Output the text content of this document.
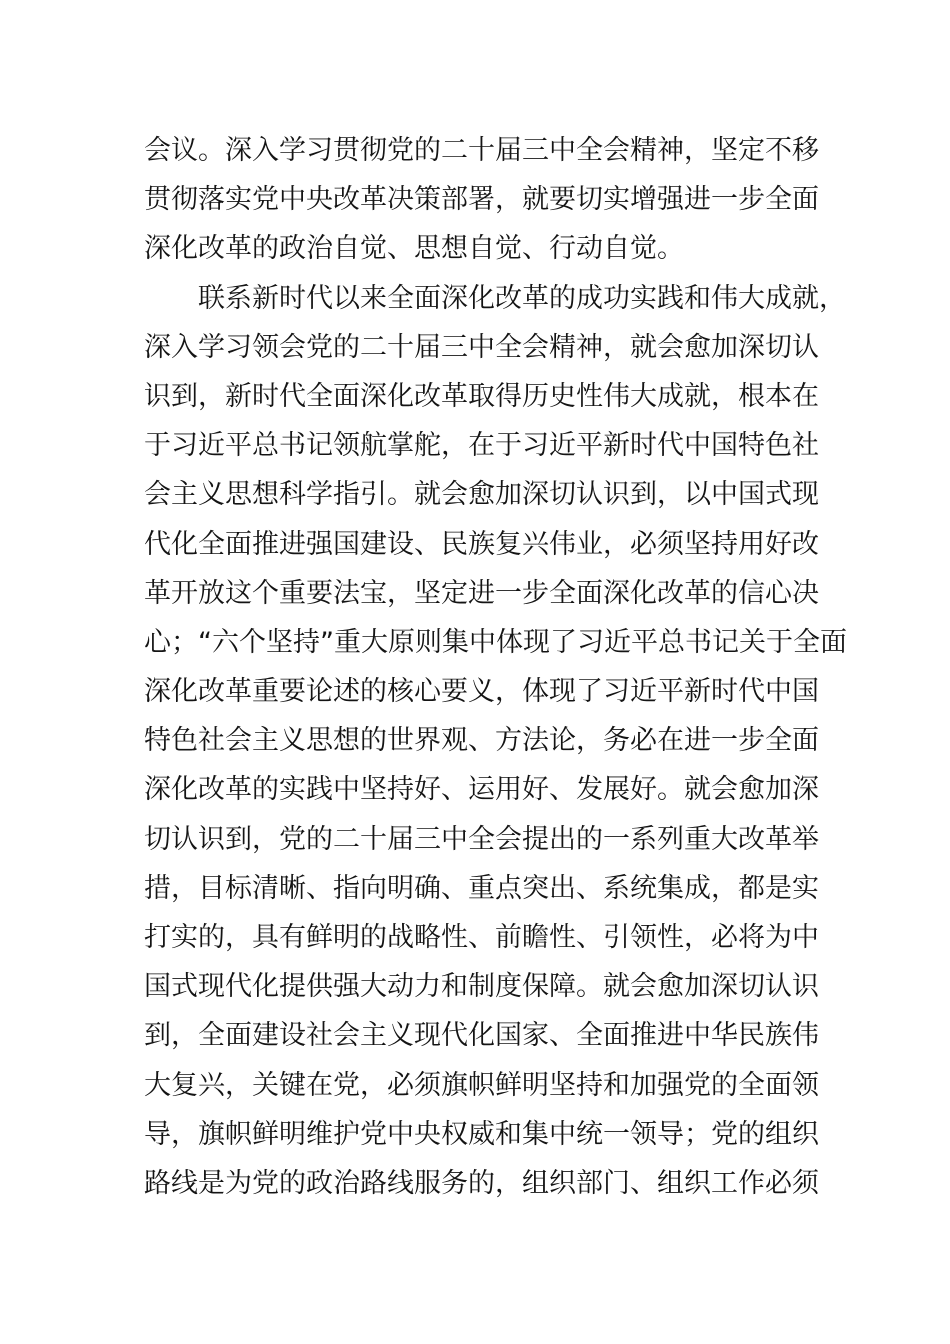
会议。深入学习贯彻党的二十届三中全会精神，坚定不移
贯彻落实党中央改革决策部署，就要切实增强进一步全面
深化改革的政治自觉、思想自觉、行动自觉。
联系新时代以来全面深化改革的成功实践和伟大成就，
深入学习领会党的二十届三中全会精神，就会愈加深切认
识到，新时代全面深化改革取得历史性伟大成就，根本在
于习近平总书记领航掌舵，在于习近平新时代中国特色社
会主义思想科学指引。就会愈加深切认识到，以中国式现
代化全面推进强国建设、民族复兴伟业，必须坚持用好改
革开放这个重要法宝，坚定进一步全面深化改革的信心决
心；“六个坚持”重大原则集中体现了习近平总书记关于全面
深化改革重要论述的核心要义，体现了习近平新时代中国
特色社会主义思想的世界观、方法论，务必在进一步全面
深化改革的实践中坚持好、运用好、发展好。就会愈加深
切认识到，党的二十届三中全会提出的一系列重大改革举
措，目标清晰、指向明确、重点突出、系统集成，都是实
打实的，具有鲜明的战略性、前瞻性、引领性，必将为中
国式现代化提供强大动力和制度保障。就会愈加深切认识
到，全面建设社会主义现代化国家、全面推进中华民族伟
大复兴，关键在党，必须旗帜鲜明坚持和加强党的全面领
导，旗帜鲜明维护党中央权威和集中统一领导；党的组织
路线是为党的政治路线服务的，组织部门、组织工作必须
